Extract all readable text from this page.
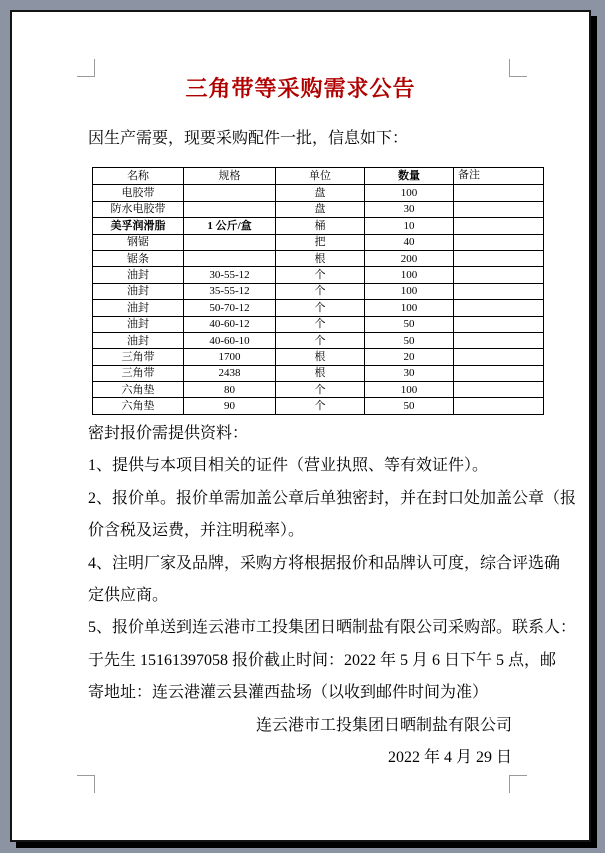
三角带等采购需求公告
因生产需要，现要采购配件一批，信息如下：
名称	规格	单位	数量	备注
电胶带		盘	100	
防水电胶带		盘	30	
美孚润滑脂	1 公斤/盒	桶	10	
钢锯		把	40	
锯条		根	200	
油封	30-55-12	个	100	
油封	35-55-12	个	100	
油封	50-70-12	个	100	
油封	40-60-12	个	50	
油封	40-60-10	个	50	
三角带	1700	根	20	
三角带	2438	根	30	
六角垫	80	个	100	
六角垫	90	个	50	
密封报价需提供资料：
1、提供与本项目相关的证件（营业执照、等有效证件）。
2、报价单。报价单需加盖公章后单独密封，并在封口处加盖公章（报
价含税及运费，并注明税率）。
4、注明厂家及品牌，采购方将根据报价和品牌认可度，综合评选确
定供应商。
5、报价单送到连云港市工投集团日晒制盐有限公司采购部。联系人：
于先生 15161397058 报价截止时间：2022 年 5 月 6 日下午 5 点，邮
寄地址：连云港灌云县灌西盐场（以收到邮件时间为准）
连云港市工投集团日晒制盐有限公司
2022 年 4 月 29 日
